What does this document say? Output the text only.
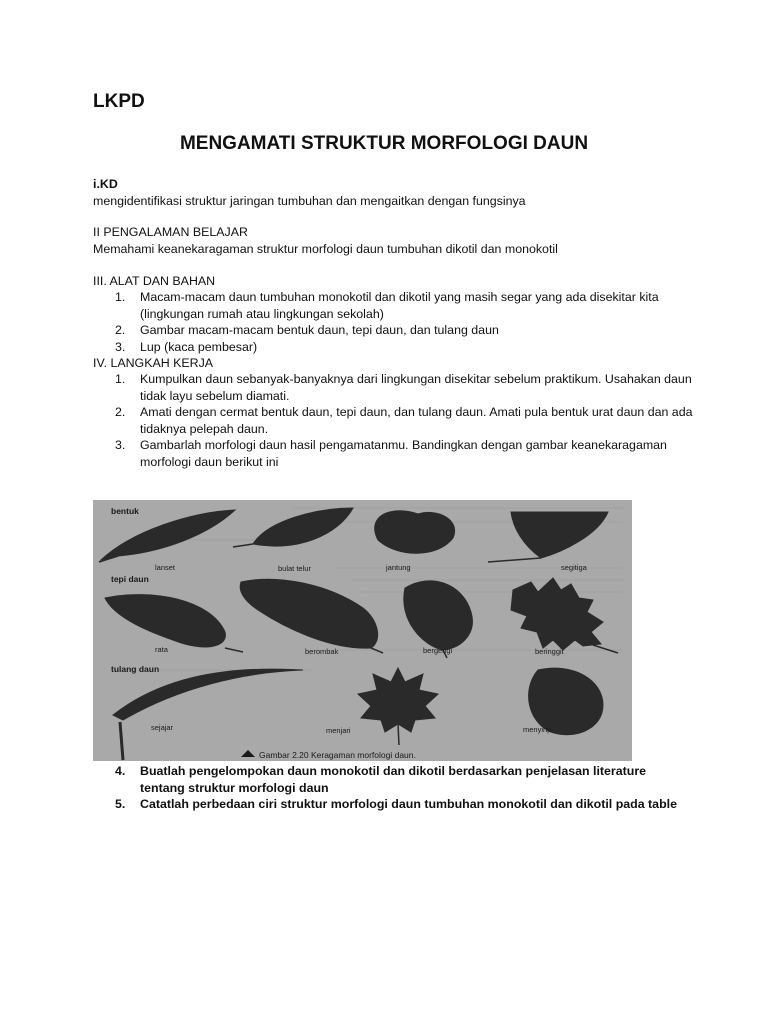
LKPD
MENGAMATI STRUKTUR MORFOLOGI DAUN
i.KD
mengidentifikasi struktur jaringan tumbuhan dan mengaitkan dengan fungsinya
II PENGALAMAN BELAJAR
Memahami keanekaragaman struktur morfologi daun tumbuhan dikotil dan monokotil
III. ALAT DAN BAHAN
1. Macam-macam daun tumbuhan monokotil dan dikotil yang masih segar yang ada disekitar kita (lingkungan rumah atau lingkungan sekolah)
2. Gambar macam-macam bentuk daun, tepi daun, dan tulang daun
3. Lup (kaca pembesar)
IV. LANGKAH KERJA
1. Kumpulkan daun sebanyak-banyaknya dari lingkungan disekitar sebelum praktikum. Usahakan daun tidak layu sebelum diamati.
2. Amati dengan cermat bentuk daun, tepi daun, dan tulang daun. Amati pula bentuk urat daun dan ada tidaknya pelepah daun.
3. Gambarlah morfologi daun hasil pengamatanmu. Bandingkan dengan gambar keanekaragaman morfologi daun berikut ini
bentuk
lanset	bulat telur	jantung	segitiga
tepi daun
rata	berombak	bergerigi	beringgit
tulang daun
sejajar	menjari	menyirip
Gambar 2.20 Keragaman morfologi daun.
4. Buatlah pengelompokan daun monokotil dan dikotil berdasarkan penjelasan literature tentang struktur morfologi daun
5. Catatlah perbedaan ciri struktur morfologi daun tumbuhan monokotil dan dikotil pada table
